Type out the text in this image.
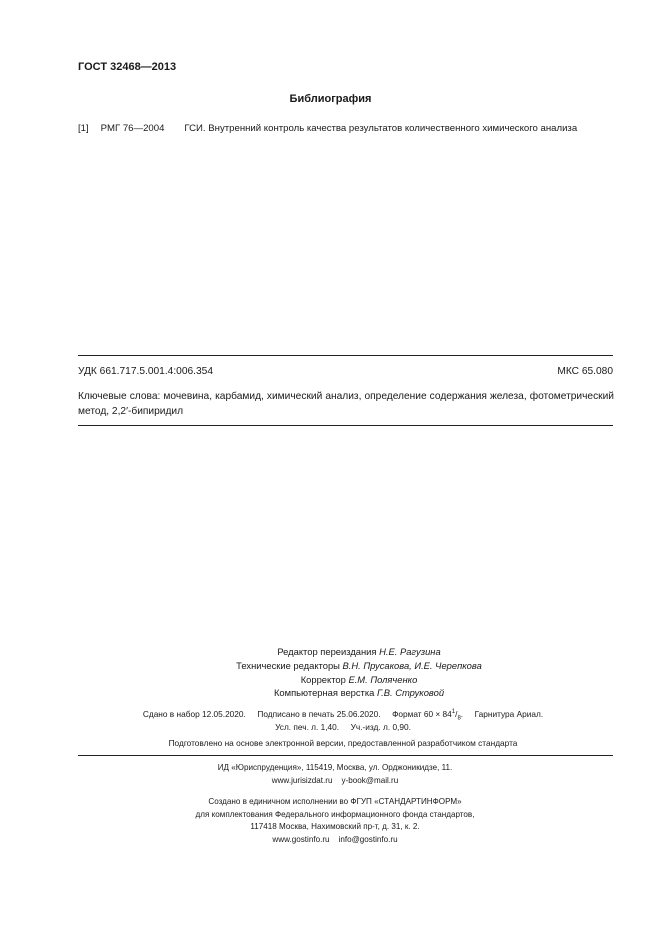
ГОСТ 32468—2013
Библиография
[1] РМГ 76—2004 ГСИ. Внутренний контроль качества результатов количественного химического анализа
УДК 661.717.5.001.4:006.354	МКС 65.080
Ключевые слова: мочевина, карбамид, химический анализ, определение содержания железа, фотометрический метод, 2,2′-бипиридил
Редактор переиздания Н.Е. Рагузина
Технические редакторы В.Н. Прусакова, И.Е. Черепкова
Корректор Е.М. Поляченко
Компьютерная верстка Г.В. Струковой
Сдано в набор 12.05.2020. Подписано в печать 25.06.2020. Формат $60 \times 84^1/_8$. Гарнитура Ариал.
Усл. печ. л. 1,40. Уч.-изд. л. 0,90.
Подготовлено на основе электронной версии, предоставленной разработчиком стандарта
ИД «Юриспруденция», 115419, Москва, ул. Орджоникидзе, 11.
www.jurisizdat.ru y-book@mail.ru
Создано в единичном исполнении во ФГУП «СТАНДАРТИНФОРМ»
для комплектования Федерального информационного фонда стандартов,
117418 Москва, Нахимовский пр-т, д. 31, к. 2.
www.gostinfo.ru info@gostinfo.ru
